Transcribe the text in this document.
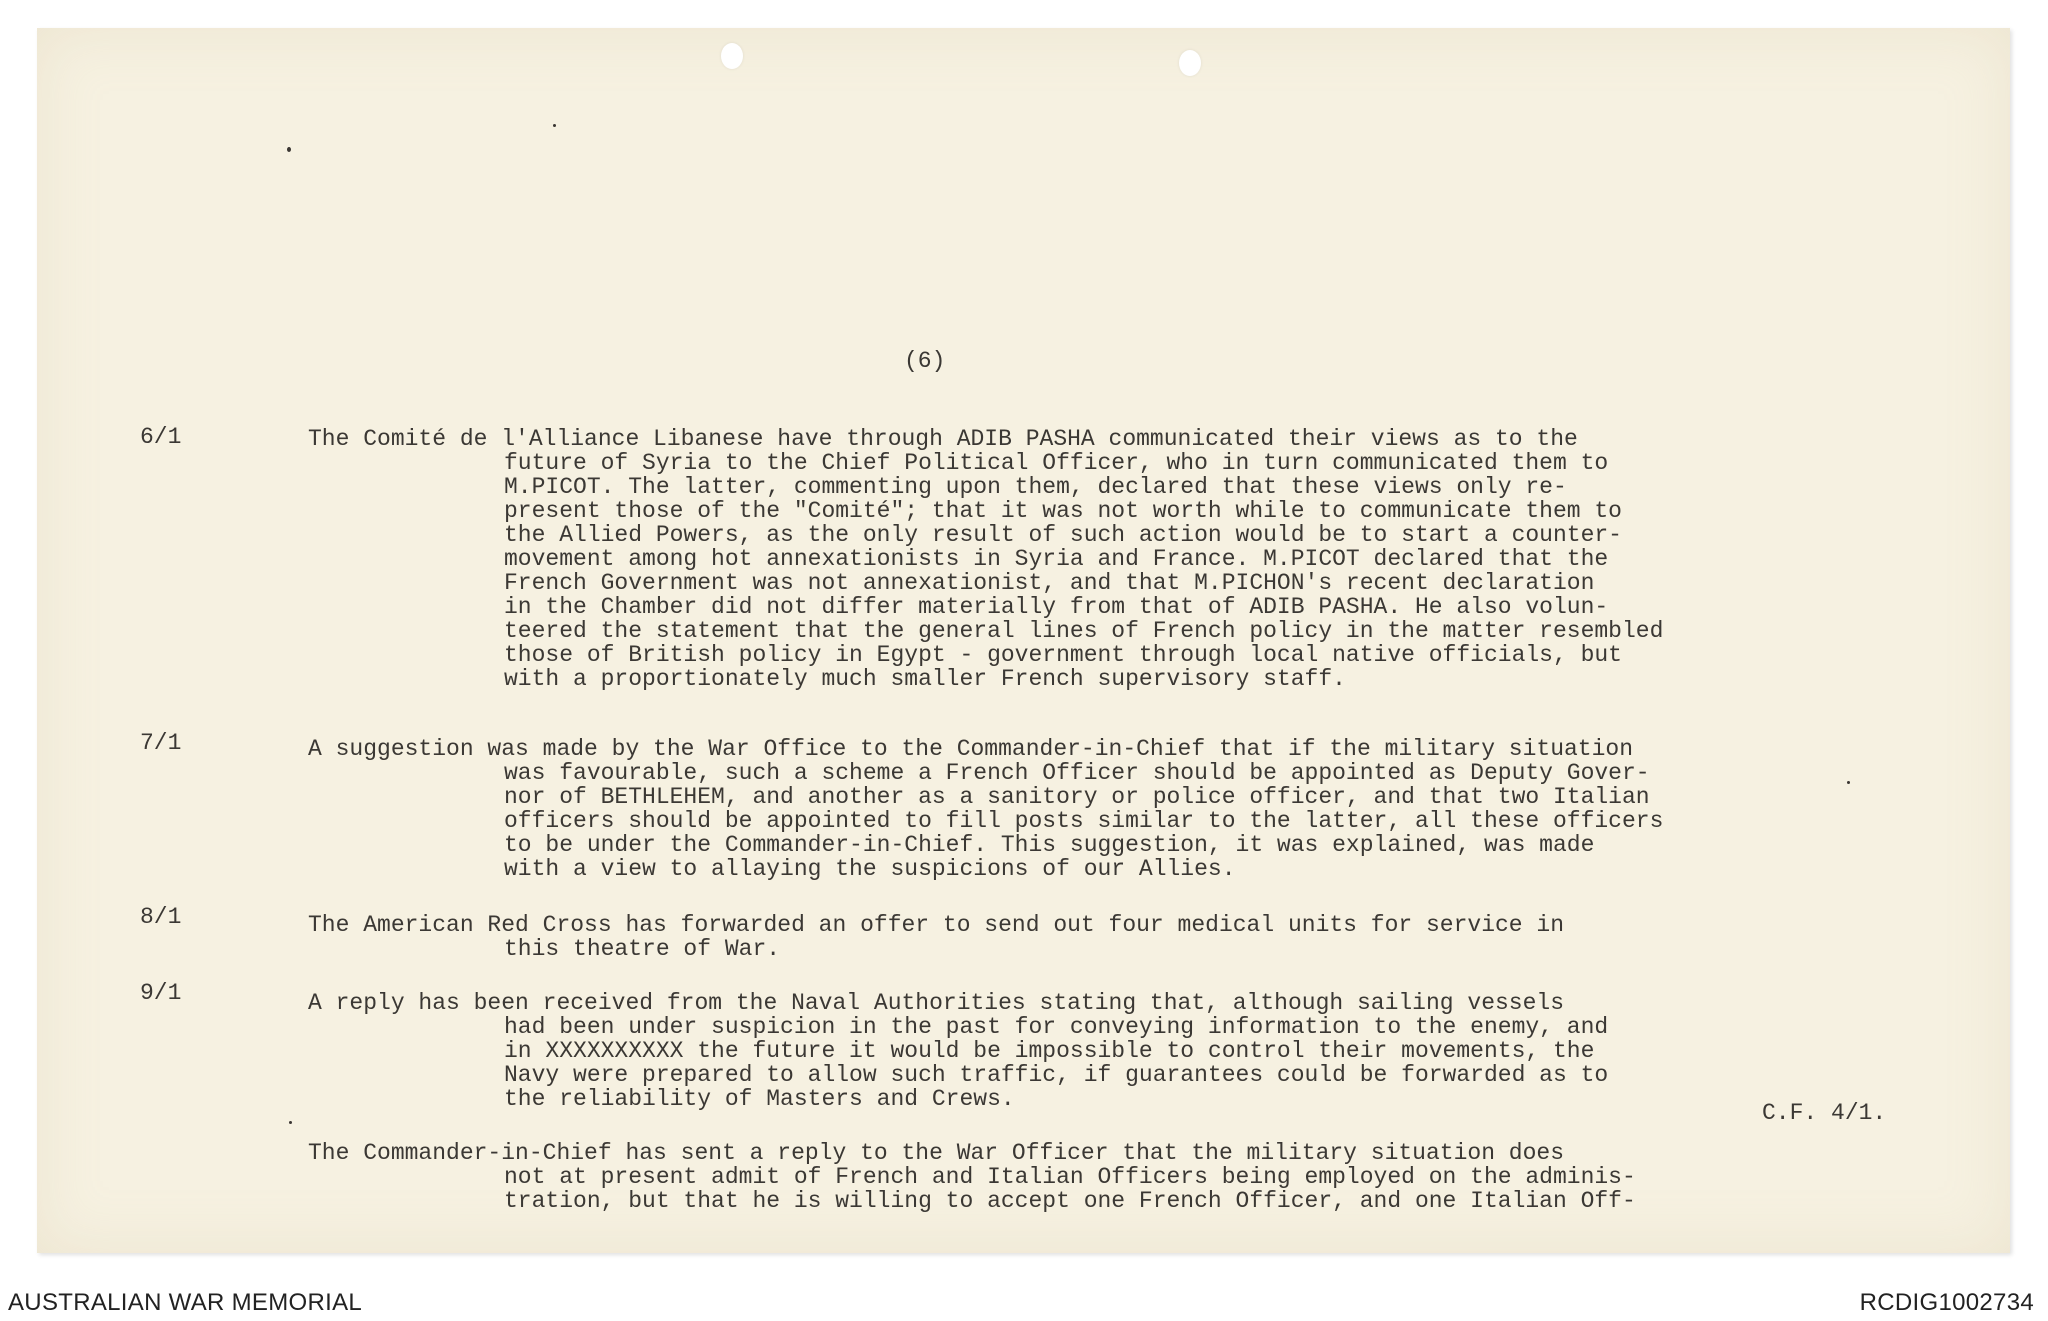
(6)
6/1	The Comité de l'Alliance Libanese have through ADIB PASHA communicated their views as to the
future of Syria to the Chief Political Officer, who in turn communicated them to
M.PICOT. The latter, commenting upon them, declared that these views only re-
present those of the "Comité"; that it was not worth while to communicate them to
the Allied Powers, as the only result of such action would be to start a counter-
movement among hot annexationists in Syria and France. M.PICOT declared that the
French Government was not annexationist, and that M.PICHON's recent declaration
in the Chamber did not differ materially from that of ADIB PASHA. He also volun-
teered the statement that the general lines of French policy in the matter resembled
those of British policy in Egypt - government through local native officials, but
with a proportionately much smaller French supervisory staff.
7/1	A suggestion was made by the War Office to the Commander-in-Chief that if the military situation
was favourable, such a scheme a French Officer should be appointed as Deputy Gover-
nor of BETHLEHEM, and another as a sanitory or police officer, and that two Italian
officers should be appointed to fill posts similar to the latter, all these officers
to be under the Commander-in-Chief. This suggestion, it was explained, was made
with a view to allaying the suspicions of our Allies.
8/1	The American Red Cross has forwarded an offer to send out four medical units for service in
this theatre of War.
9/1	A reply has been received from the Naval Authorities stating that, although sailing vessels
had been under suspicion in the past for conveying information to the enemy, and
in XXXXXXXXXX the future it would be impossible to control their movements, the
Navy were prepared to allow such traffic, if guarantees could be forwarded as to
the reliability of Masters and Crews.
C.F. 4/1.
The Commander-in-Chief has sent a reply to the War Officer that the military situation does
not at present admit of French and Italian Officers being employed on the adminis-
tration, but that he is willing to accept one French Officer, and one Italian Off-
AUSTRALIAN WAR MEMORIAL	RCDIG1002734
